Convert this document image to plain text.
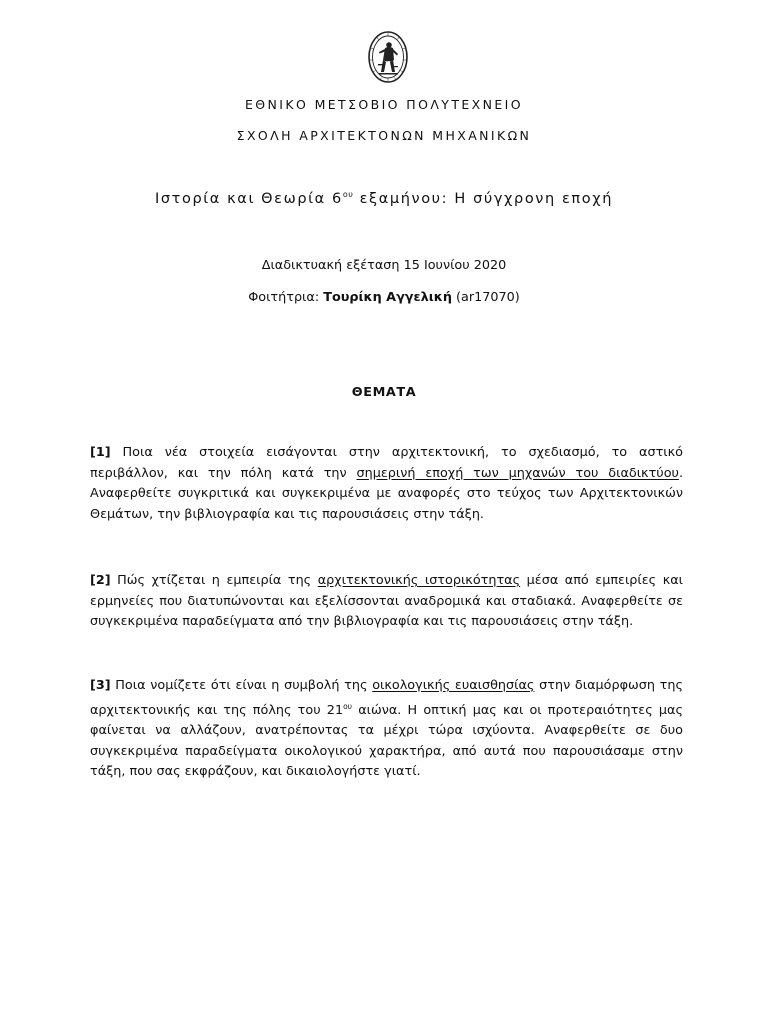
ΕΘΝΙΚΟ ΜΕΤΣΟΒΙΟ ΠΟΛΥΤΕΧΝΕΙΟ
ΣΧΟΛΗ ΑΡΧΙΤΕΚΤΟΝΩΝ ΜΗΧΑΝΙΚΩΝ
Ιστορία και Θεωρία $6^{o\upsilon}$ εξαμήνου: Η σύγχρονη εποχή
Διαδικτυακή εξέταση 15 Ιουνίου 2020
Φοιτήτρια: Τουρίκη Αγγελική (ar17070)
ΘΕΜΑΤΑ
[1] Ποια νέα στοιχεία εισάγονται στην αρχιτεκτονική, το σχεδιασμό, το αστικό περιβάλλον, και την πόλη κατά την σημερινή εποχή των μηχανών του διαδικτύου. Αναφερθείτε συγκριτικά και συγκεκριμένα με αναφορές στο τεύχος των Αρχιτεκτονικών Θεμάτων, την βιβλιογραφία και τις παρουσιάσεις στην τάξη.
[2] Πώς χτίζεται η εμπειρία της αρχιτεκτονικής ιστορικότητας μέσα από εμπειρίες και ερμηνείες που διατυπώνονται και εξελίσσονται αναδρομικά και σταδιακά. Αναφερθείτε σε συγκεκριμένα παραδείγματα από την βιβλιογραφία και τις παρουσιάσεις στην τάξη.
[3] Ποια νομίζετε ότι είναι η συμβολή της οικολογικής ευαισθησίας στην διαμόρφωση της αρχιτεκτονικής και της πόλης του $21^{o\upsilon}$ αιώνα. Η οπτική μας και οι προτεραιότητες μας φαίνεται να αλλάζουν, ανατρέποντας τα μέχρι τώρα ισχύοντα. Αναφερθείτε σε δυο συγκεκριμένα παραδείγματα οικολογικού χαρακτήρα, από αυτά που παρουσιάσαμε στην τάξη, που σας εκφράζουν, και δικαιολογήστε γιατί.
